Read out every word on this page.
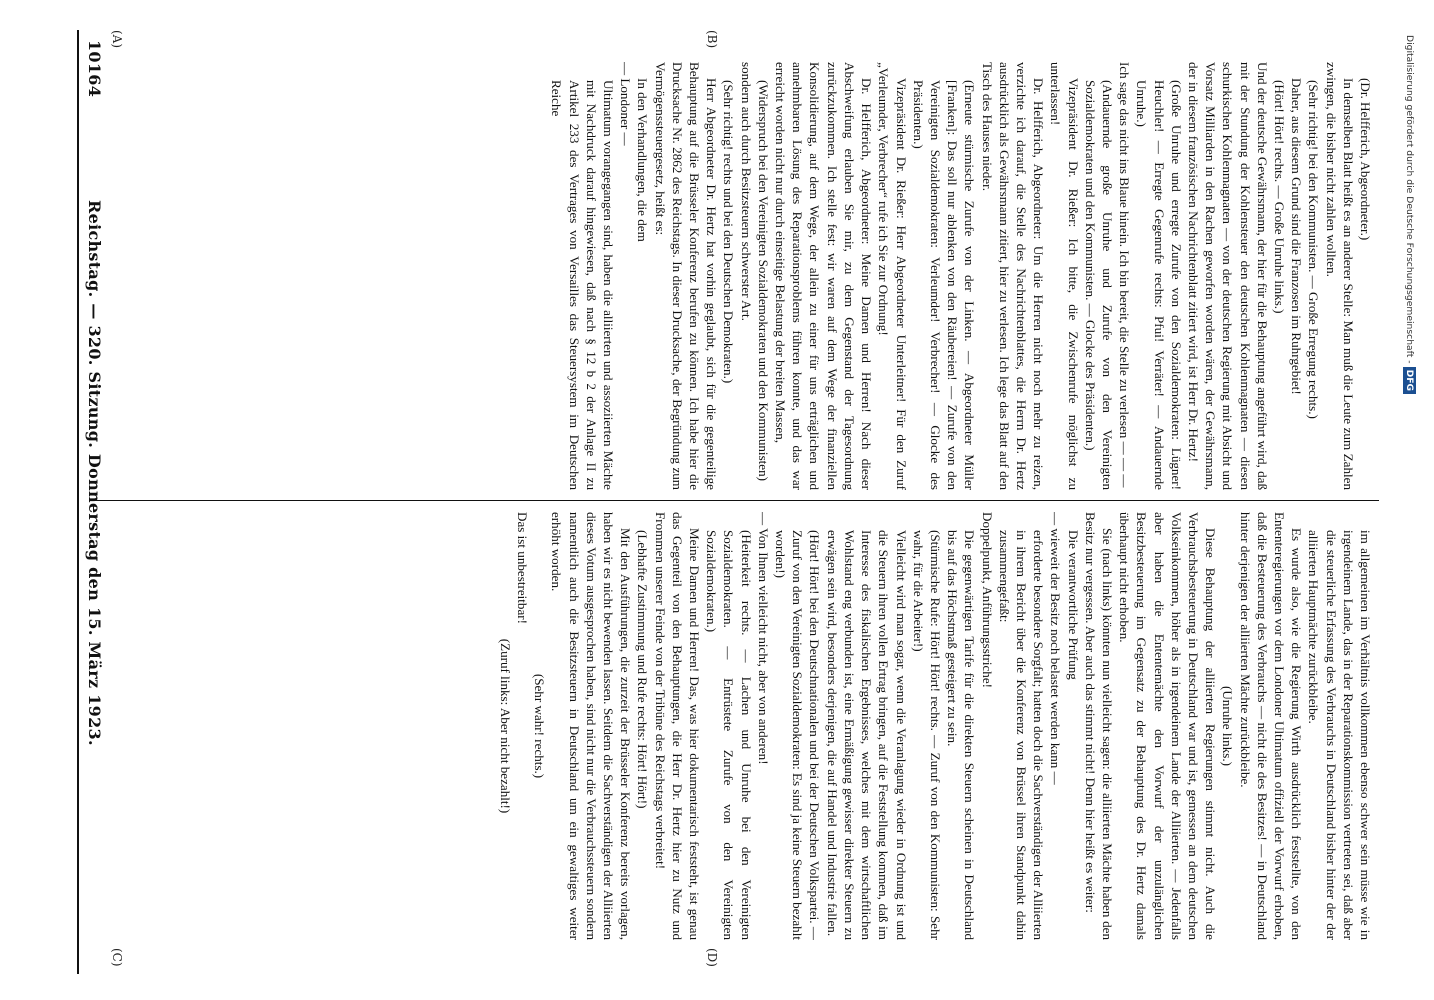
10164
Reichstag. — 320. Sitzung. Donnerstag den 15. März 1923.
(A)	(B)
(C)	(D)

(Dr. Helfferich, Abgeordneter.)

In demselben Blatt heißt es an anderer Stelle: Man muß die Leute zum Zahlen zwingen, die bisher nicht zahlen wollten.

(Sehr richtig! bei den Kommunisten. — Große Erregung rechts.)

Daher, aus diesem Grund sind die Franzosen im Ruhrgebiet!

(Hört! Hört! rechts. — Große Unruhe links.)

Und der deutsche Gewährsmann, der hier für die Behauptung angeführt wird, daß mit der Stundung der Kohlensteuer den deutschen Kohlenmagnaten — diesen schurkischen Kohlenmagnaten — von der deutschen Regierung mit Absicht und Vorsatz Milliarden in den Rachen geworfen worden wären, der Gewährsmann, der in diesem französischen Nachrichtenblatt zitiert wird, ist Herr Dr. Hertz!

(Große Unruhe und erregte Zurufe von den Sozialdemokraten: Lügner! Heuchler! — Erregte Gegenrufe rechts: Pfui! Verräter! — Andauernde Unruhe.)

Ich sage das nicht ins Blaue hinein. Ich bin bereit, die Stelle zu verlesen — — —

(Andauernde große Unruhe und Zurufe von den Vereinigten Sozialdemokraten und den Kommunisten. — Glocke des Präsidenten.)

Vizepräsident Dr. Rießer: Ich bitte, die Zwischenrufe möglichst zu unterlassen!

Dr. Helfferich, Abgeordneter: Um die Herren nicht noch mehr zu reizen, verzichte ich darauf, die Stelle des Nachrichtenblattes, die Herrn Dr. Hertz ausdrücklich als Gewährsmann zitiert, hier zu verlesen. Ich lege das Blatt auf den Tisch des Hauses nieder.

(Erneute stürmische Zurufe von der Linken. — Abgeordneter Müller [Franken]: Das soll nur ablenken von den Räubereien! — Zurufe von den Vereinigten Sozialdemokraten: Verleumder! Verbrecher! — Glocke des Präsidenten.)

Vizepräsident Dr. Rießer: Herr Abgeordneter Unterleitner! Für den Zuruf „Verleumder, Verbrecher“ rufe ich Sie zur Ordnung!

Dr. Helfferich, Abgeordneter: Meine Damen und Herren! Nach dieser Abschweifung erlauben Sie mir, zu dem Gegenstand der Tagesordnung zurückzukommen. Ich stelle fest: wir waren auf dem Wege der finanziellen Konsolidierung, auf dem Wege, der allein zu einer für uns erträglichen und annehmbaren Lösung des Reparationsproblems führen konnte, und das war erreicht worden nicht nur durch einseitige Belastung der breiten Massen,

(Widerspruch bei den Vereinigten Sozialdemokraten und den Kommunisten)

sondern auch durch Besitzsteuern schwerster Art.

(Sehr richtig! rechts und bei den Deutschen Demokraten.)

Herr Abgeordneter Dr. Hertz hat vorhin geglaubt, sich für die gegenteilige Behauptung auf die Brüsseler Konferenz berufen zu können. Ich habe hier die Drucksache Nr. 2862 des Reichstags. In dieser Drucksache, der Begründung zum Vermögenssteuergesetz, heißt es:

In den Verhandlungen, die dem

— Londoner —

Ultimatum vorangegangen sind, haben die alliierten und assoziierten Mächte mit Nachdruck darauf hingewiesen, daß nach § 12 b 2 der Anlage II zu Artikel 233 des Vertrages von Versailles das Steuersystem im Deutschen Reiche

im allgemeinen im Verhältnis vollkommen ebenso schwer sein müsse wie in irgendeinem Lande, das in der Reparationskommission vertreten sei, daß aber die steuerliche Erfassung des Verbrauchs in Deutschland bisher hinter der der alliierten Hauptmächte zurückbleibe.

Es wurde also, wie die Regierung Wirth ausdrücklich feststellte, von den Ententeregierungen vor dem Londoner Ultimatum offiziell der Vorwurf erhoben, daß die Besteuerung des Verbrauchs — nicht die des Besitzes! — in Deutschland hinter derjenigen der alliierten Mächte zurückbleibe.

(Unruhe links.)

Diese Behauptung der alliierten Regierungen stimmt nicht. Auch die Verbrauchsbesteuerung in Deutschland war und ist, gemessen an dem deutschen Volkseinkommen, höher als in irgendeinem Lande der Alliierten. — Jedenfalls aber haben die Ententemächte den Vorwurf der unzulänglichen Besitzbesteuerung im Gegensatz zu der Behauptung des Dr. Hertz damals überhaupt nicht erhoben.

Sie (nach links) könnten nun vielleicht sagen: die alliierten Mächte haben den Besitz nur vergessen. Aber auch das stimmt nicht! Denn hier heißt es weiter:

Die verantwortliche Prüfung

— wieweit der Besitz noch belastet werden kann —

erforderte besondere Sorgfalt; hatten doch die Sachverständigen der Alliierten in ihrem Bericht über die Konferenz von Brüssel ihren Standpunkt dahin zusammengefaßt:

Doppelpunkt, Anführungsstriche!

Die gegenwärtigen Tarife für die direkten Steuern scheinen in Deutschland bis auf das Höchstmaß gesteigert zu sein.

(Stürmische Rufe: Hört! Hört! rechts. — Zuruf von den Kommunisten: Sehr wahr, für die Arbeiter!)

Vielleicht wird man sogar, wenn die Veranlagung wieder in Ordnung ist und die Steuern ihren vollen Ertrag bringen, auf die Feststellung kommen, daß im Interesse des fiskalischen Ergebnisses, welches mit dem wirtschaftlichen Wohlstand eng verbunden ist, eine Ermäßigung gewisser direkter Steuern zu erwägen sein wird, besonders derjenigen, die auf Handel und Industrie fallen.

(Hört! Hört! bei den Deutschnationalen und bei der Deutschen Volkspartei. — Zuruf von den Vereinigten Sozialdemokraten: Es sind ja keine Steuern bezahlt worden!)

— Von Ihnen vielleicht nicht, aber von anderen!

(Heiterkeit rechts. — Lachen und Unruhe bei den Vereinigten Sozialdemokraten. — Entrüstete Zurufe von den Vereinigten Sozialdemokraten.)

Meine Damen und Herren! Das, was hier dokumentarisch feststeht, ist genau das Gegenteil von den Behauptungen, die Herr Dr. Hertz hier zu Nutz und Frommen unserer Feinde von der Tribüne des Reichstags verbreitet!

(Lebhafte Zustimmung und Rufe rechts: Hört! Hört!)

Mit den Ausführungen, die zurzeit der Brüsseler Konferenz bereits vorlagen, haben wir es nicht bewenden lassen. Seitdem die Sachverständigen der Alliierten dieses Votum ausgesprochen haben, sind nicht nur die Verbrauchssteuern sondern namentlich auch die Besitzsteuern in Deutschland um ein gewaltiges weiter erhöht worden.

(Sehr wahr! rechts.)

Das ist unbestreitbar!

(Zuruf links: Aber nicht bezahlt!)

Digitalisierung gefördert durch die Deutsche Forschungsgemeinschaft -DFG
